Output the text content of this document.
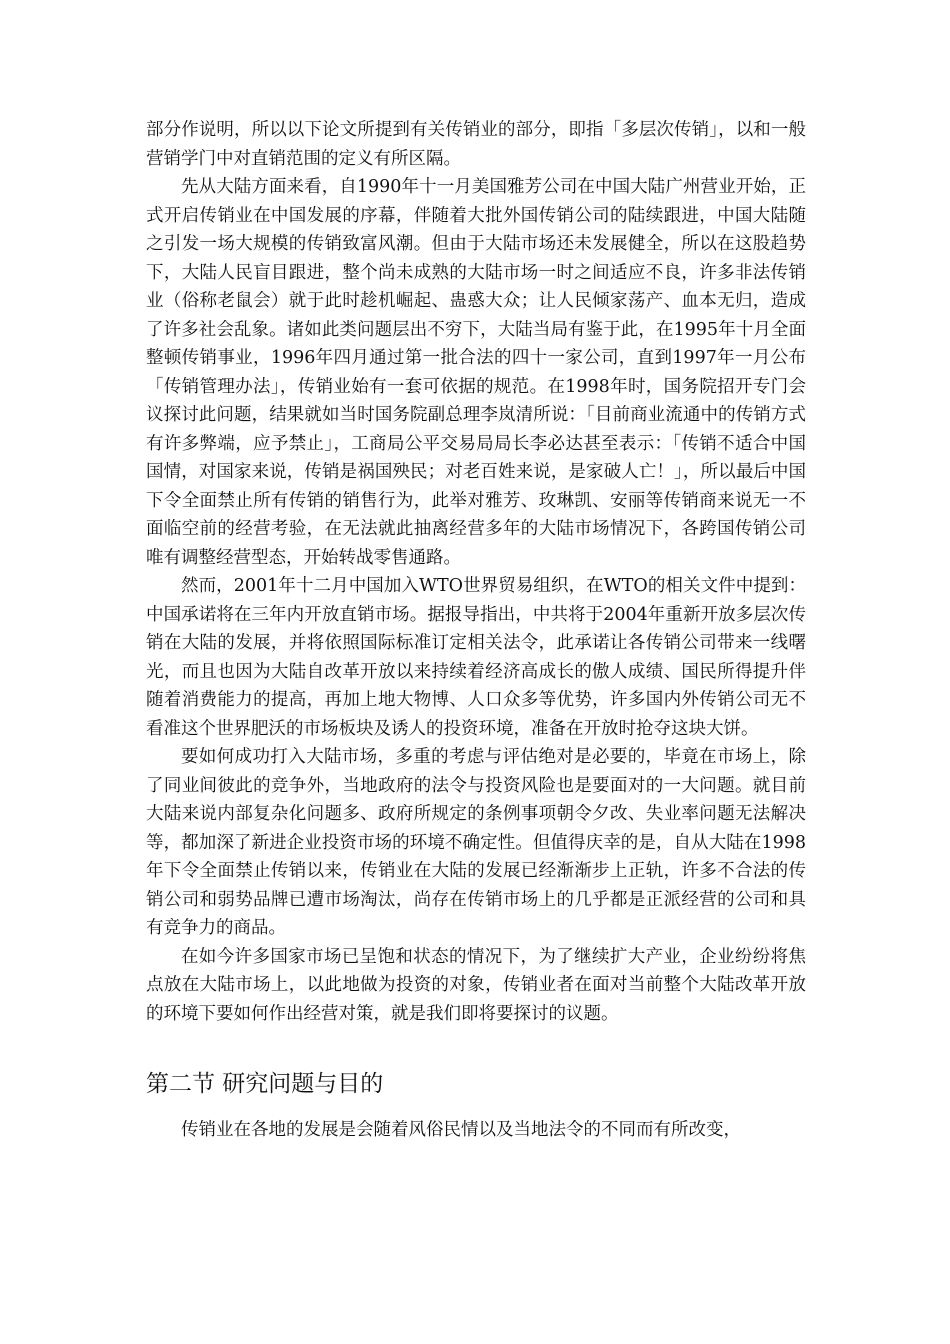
部分作说明，所以以下论文所提到有关传销业的部分，即指「多层次传销」，以和一般营销学门中对直销范围的定义有所区隔。

先从大陆方面来看，自1990年十一月美国雅芳公司在中国大陆广州营业开始，正式开启传销业在中国发展的序幕，伴随着大批外国传销公司的陆续跟进，中国大陆随之引发一场大规模的传销致富风潮。但由于大陆市场还未发展健全，所以在这股趋势下，大陆人民盲目跟进，整个尚未成熟的大陆市场一时之间适应不良，许多非法传销业（俗称老鼠会）就于此时趁机崛起、蛊惑大众；让人民倾家荡产、血本无归，造成了许多社会乱象。诸如此类问题层出不穷下，大陆当局有鉴于此，在1995年十月全面整顿传销事业，1996年四月通过第一批合法的四十一家公司，直到1997年一月公布「传销管理办法」，传销业始有一套可依据的规范。在1998年时，国务院招开专门会议探讨此问题，结果就如当时国务院副总理李岚清所说：「目前商业流通中的传销方式有许多弊端，应予禁止」，工商局公平交易局局长李必达甚至表示：「传销不适合中国国情，对国家来说，传销是祸国殃民；对老百姓来说，是家破人亡！」，所以最后中国下令全面禁止所有传销的销售行为，此举对雅芳、玫琳凯、安丽等传销商来说无一不面临空前的经营考验，在无法就此抽离经营多年的大陆市场情况下，各跨国传销公司唯有调整经营型态，开始转战零售通路。

然而，2001年十二月中国加入WTO世界贸易组织，在WTO的相关文件中提到：中国承诺将在三年内开放直销市场。据报导指出，中共将于2004年重新开放多层次传销在大陆的发展，并将依照国际标准订定相关法令，此承诺让各传销公司带来一线曙光，而且也因为大陆自改革开放以来持续着经济高成长的傲人成绩、国民所得提升伴随着消费能力的提高，再加上地大物博、人口众多等优势，许多国内外传销公司无不看准这个世界肥沃的市场板块及诱人的投资环境，准备在开放时抢夺这块大饼。

要如何成功打入大陆市场，多重的考虑与评估绝对是必要的，毕竟在市场上，除了同业间彼此的竞争外，当地政府的法令与投资风险也是要面对的一大问题。就目前大陆来说内部复杂化问题多、政府所规定的条例事项朝令夕改、失业率问题无法解决等，都加深了新进企业投资市场的环境不确定性。但值得庆幸的是，自从大陆在1998年下令全面禁止传销以来，传销业在大陆的发展已经渐渐步上正轨，许多不合法的传销公司和弱势品牌已遭市场淘汰，尚存在传销市场上的几乎都是正派经营的公司和具有竞争力的商品。

在如今许多国家市场已呈饱和状态的情况下，为了继续扩大产业，企业纷纷将焦点放在大陆市场上，以此地做为投资的对象，传销业者在面对当前整个大陆改革开放的环境下要如何作出经营对策，就是我们即将要探讨的议题。

第二节 研究问题与目的

传销业在各地的发展是会随着风俗民情以及当地法令的不同而有所改变，
